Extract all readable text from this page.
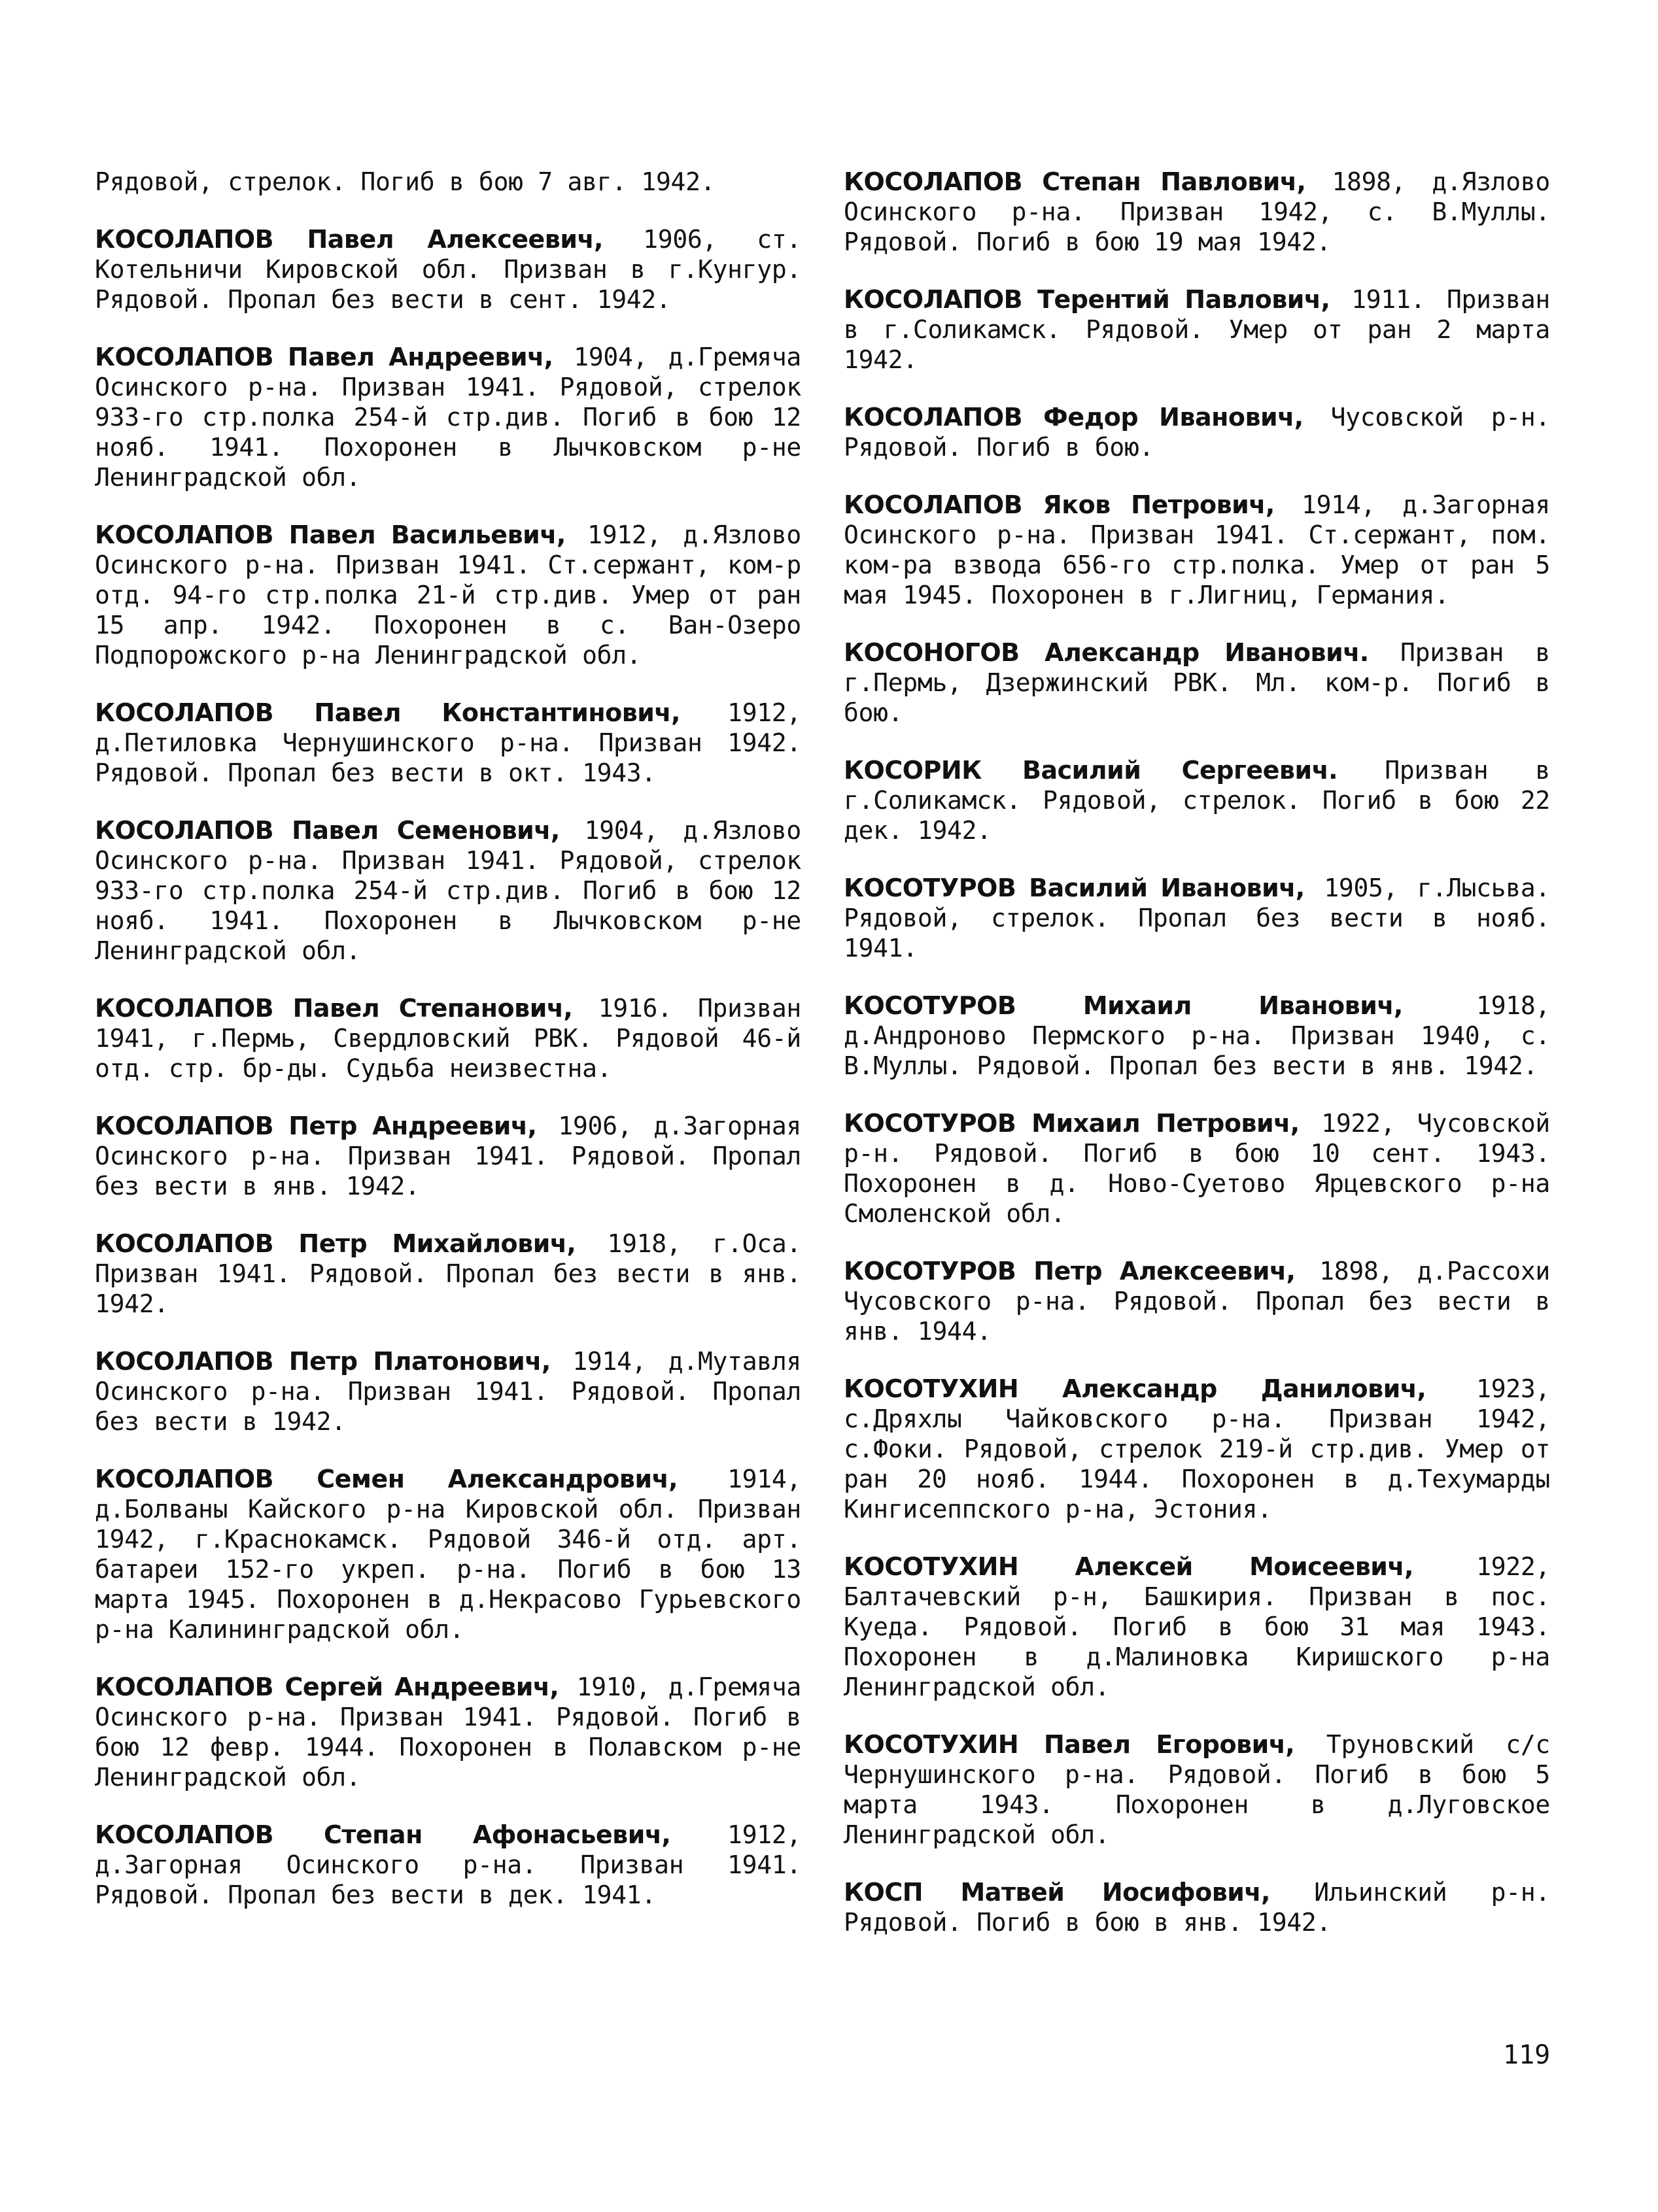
Рядовой, стрелок. Погиб в бою 7 авг. 1942.

КОСОЛАПОВ Павел Алексеевич, 1906, ст. Котельничи Кировской обл. Призван в г.Кунгур. Рядовой. Пропал без вести в сент. 1942.

КОСОЛАПОВ Павел Андреевич, 1904, д.Гремяча Осинского р-на. Призван 1941. Рядовой, стрелок 933-го стр.полка 254-й стр.див. Погиб в бою 12 нояб. 1941. Похоронен в Лычковском р-не Ленинградской обл.

КОСОЛАПОВ Павел Васильевич, 1912, д.Язлово Осинского р-на. Призван 1941. Ст.сержант, ком-р отд. 94-го стр.полка 21-й стр.див. Умер от ран 15 апр. 1942. Похоронен в с. Ван-Озеро Подпорожского р-на Ленинградской обл.

КОСОЛАПОВ Павел Константинович, 1912, д.Петиловка Чернушинского р-на. Призван 1942. Рядовой. Пропал без вести в окт. 1943.

КОСОЛАПОВ Павел Семенович, 1904, д.Язлово Осинского р-на. Призван 1941. Рядовой, стрелок 933-го стр.полка 254-й стр.див. Погиб в бою 12 нояб. 1941. Похоронен в Лычковском р-не Ленинградской обл.

КОСОЛАПОВ Павел Степанович, 1916. Призван 1941, г.Пермь, Свердловский РВК. Рядовой 46-й отд. стр. бр-ды. Судьба неизвестна.

КОСОЛАПОВ Петр Андреевич, 1906, д.Загорная Осинского р-на. Призван 1941. Рядовой. Пропал без вести в янв. 1942.

КОСОЛАПОВ Петр Михайлович, 1918, г.Оса. Призван 1941. Рядовой. Пропал без вести в янв. 1942.

КОСОЛАПОВ Петр Платонович, 1914, д.Мутавля Осинского р-на. Призван 1941. Рядовой. Пропал без вести в 1942.

КОСОЛАПОВ Семен Александрович, 1914, д.Болваны Кайского р-на Кировской обл. Призван 1942, г.Краснокамск. Рядовой 346-й отд. арт. батареи 152-го укреп. р-на. Погиб в бою 13 марта 1945. Похоронен в д.Некрасово Гурьевского р-на Калининградской обл.

КОСОЛАПОВ Сергей Андреевич, 1910, д.Гремяча Осинского р-на. Призван 1941. Рядовой. Погиб в бою 12 февр. 1944. Похоронен в Полавском р-не Ленинградской обл.

КОСОЛАПОВ Степан Афонасьевич, 1912, д.Загорная Осинского р-на. Призван 1941. Рядовой. Пропал без вести в дек. 1941.

КОСОЛАПОВ Степан Павлович, 1898, д.Язлово Осинского р-на. Призван 1942, с. В.Муллы. Рядовой. Погиб в бою 19 мая 1942.

КОСОЛАПОВ Терентий Павлович, 1911. Призван в г.Соликамск. Рядовой. Умер от ран 2 марта 1942.

КОСОЛАПОВ Федор Иванович, Чусовской р-н. Рядовой. Погиб в бою.

КОСОЛАПОВ Яков Петрович, 1914, д.Загорная Осинского р-на. Призван 1941. Ст.сержант, пом. ком-ра взвода 656-го стр.полка. Умер от ран 5 мая 1945. Похоронен в г.Лигниц, Германия.

КОСОНОГОВ Александр Иванович. Призван в г.Пермь, Дзержинский РВК. Мл. ком-р. Погиб в бою.

КОСОРИК Василий Сергеевич. Призван в г.Соликамск. Рядовой, стрелок. Погиб в бою 22 дек. 1942.

КОСОТУРОВ Василий Иванович, 1905, г.Лысьва. Рядовой, стрелок. Пропал без вести в нояб. 1941.

КОСОТУРОВ Михаил Иванович, 1918, д.Андроново Пермского р-на. Призван 1940, с. В.Муллы. Рядовой. Пропал без вести в янв. 1942.

КОСОТУРОВ Михаил Петрович, 1922, Чусовской р-н. Рядовой. Погиб в бою 10 сент. 1943. Похоронен в д. Ново-Суетово Ярцевского р-на Смоленской обл.

КОСОТУРОВ Петр Алексеевич, 1898, д.Рассохи Чусовского р-на. Рядовой. Пропал без вести в янв. 1944.

КОСОТУХИН Александр Данилович, 1923, с.Дряхлы Чайковского р-на. Призван 1942, с.Фоки. Рядовой, стрелок 219-й стр.див. Умер от ран 20 нояб. 1944. Похоронен в д.Техумарды Кингисеппского р-на, Эстония.

КОСОТУХИН Алексей Моисеевич, 1922, Балтачевский р-н, Башкирия. Призван в пос. Куеда. Рядовой. Погиб в бою 31 мая 1943. Похоронен в д.Малиновка Киришского р-на Ленинградской обл.

КОСОТУХИН Павел Егорович, Труновский с/с Чернушинского р-на. Рядовой. Погиб в бою 5 марта 1943. Похоронен в д.Луговское Ленинградской обл.

КОСП Матвей Иосифович, Ильинский р-н. Рядовой. Погиб в бою в янв. 1942.

119
